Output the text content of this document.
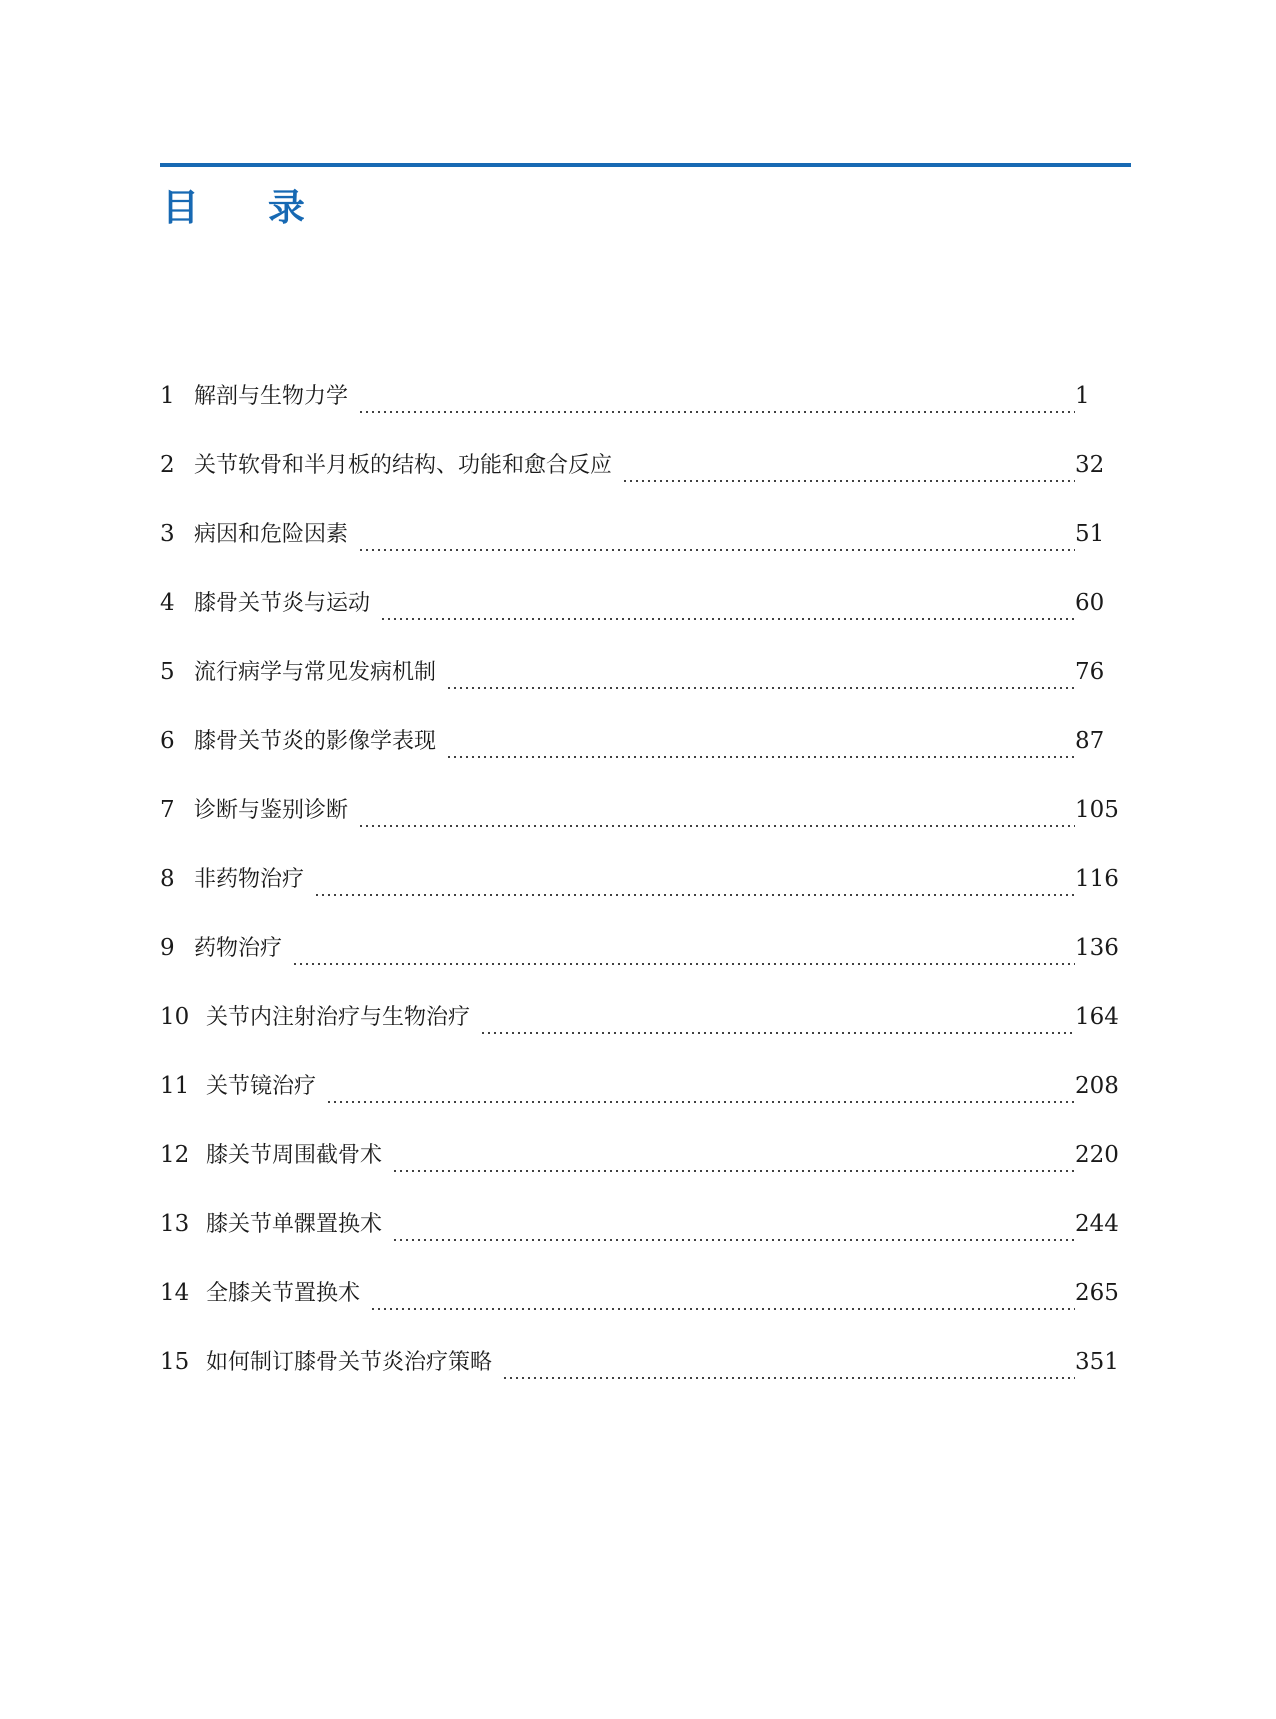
目 录
1 解剖与生物力学	1
2 关节软骨和半月板的结构、功能和愈合反应	32
3 病因和危险因素	51
4 膝骨关节炎与运动	60
5 流行病学与常见发病机制	76
6 膝骨关节炎的影像学表现	87
7 诊断与鉴别诊断	105
8 非药物治疗	116
9 药物治疗	136
10 关节内注射治疗与生物治疗	164
11 关节镜治疗	208
12 膝关节周围截骨术	220
13 膝关节单髁置换术	244
14 全膝关节置换术	265
15 如何制订膝骨关节炎治疗策略	351
